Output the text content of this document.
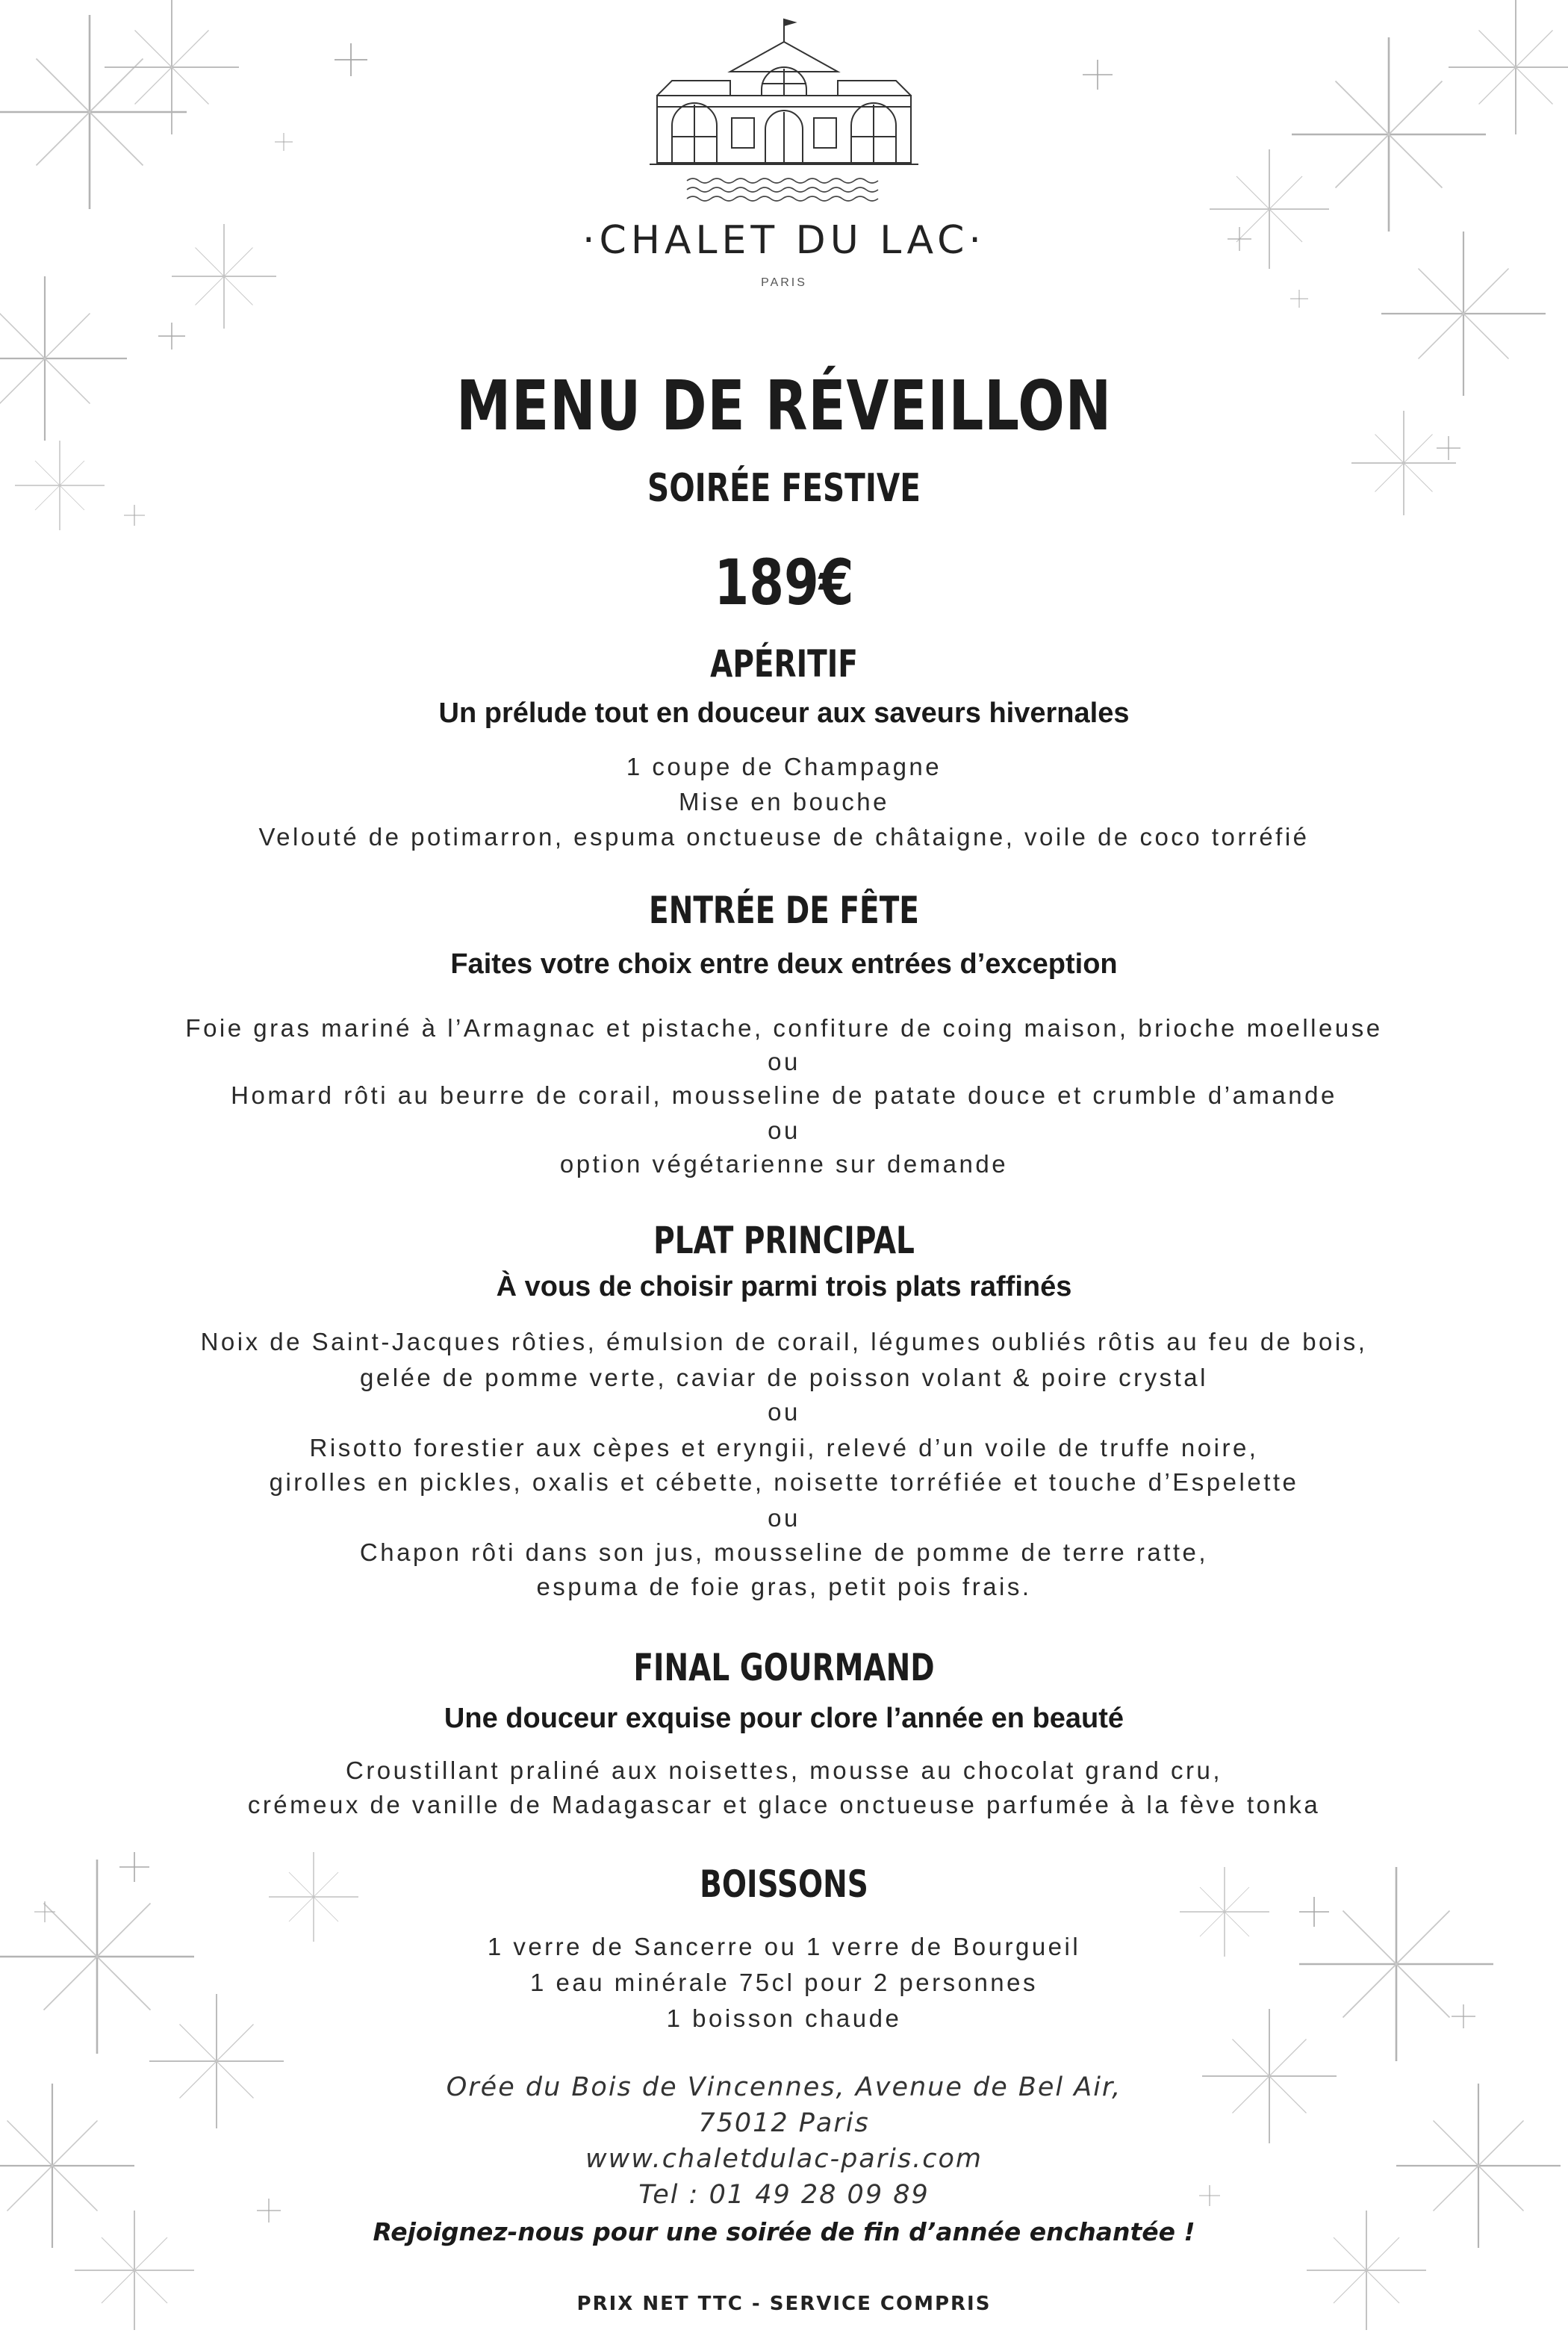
·CHALET DU LAC·
PARIS

MENU DE RÉVEILLON

SOIRÉE FESTIVE

189€

APÉRITIF

Un prélude tout en douceur aux saveurs hivernales

1 coupe de Champagne

Mise en bouche

Velouté de potimarron, espuma onctueuse de châtaigne, voile de coco torréfié

ENTRÉE DE FÊTE

Faites votre choix entre deux entrées d’exception

Foie gras mariné à l’Armagnac et pistache, confiture de coing maison, brioche moelleuse

ou

Homard rôti au beurre de corail, mousseline de patate douce et crumble d’amande

ou

option végétarienne sur demande

PLAT PRINCIPAL

À vous de choisir parmi trois plats raffinés

Noix de Saint-Jacques rôties, émulsion de corail, légumes oubliés rôtis au feu de bois,

gelée de pomme verte, caviar de poisson volant & poire crystal

ou

Risotto forestier aux cèpes et eryngii, relevé d’un voile de truffe noire,

girolles en pickles, oxalis et cébette, noisette torréfiée et touche d’Espelette

ou

Chapon rôti dans son jus, mousseline de pomme de terre ratte,

espuma de foie gras, petit pois frais.

FINAL GOURMAND

Une douceur exquise pour clore l’année en beauté

Croustillant praliné aux noisettes, mousse au chocolat grand cru,

crémeux de vanille de Madagascar et glace onctueuse parfumée à la fève tonka

BOISSONS

1 verre de Sancerre ou 1 verre de Bourgueil

1 eau minérale 75cl pour 2 personnes

1 boisson chaude

Orée du Bois de Vincennes, Avenue de Bel Air,

75012 Paris

www.chaletdulac-paris.com

Tel : 01 49 28 09 89

Rejoignez-nous pour une soirée de fin d’année enchantée !

PRIX NET TTC - SERVICE COMPRIS
